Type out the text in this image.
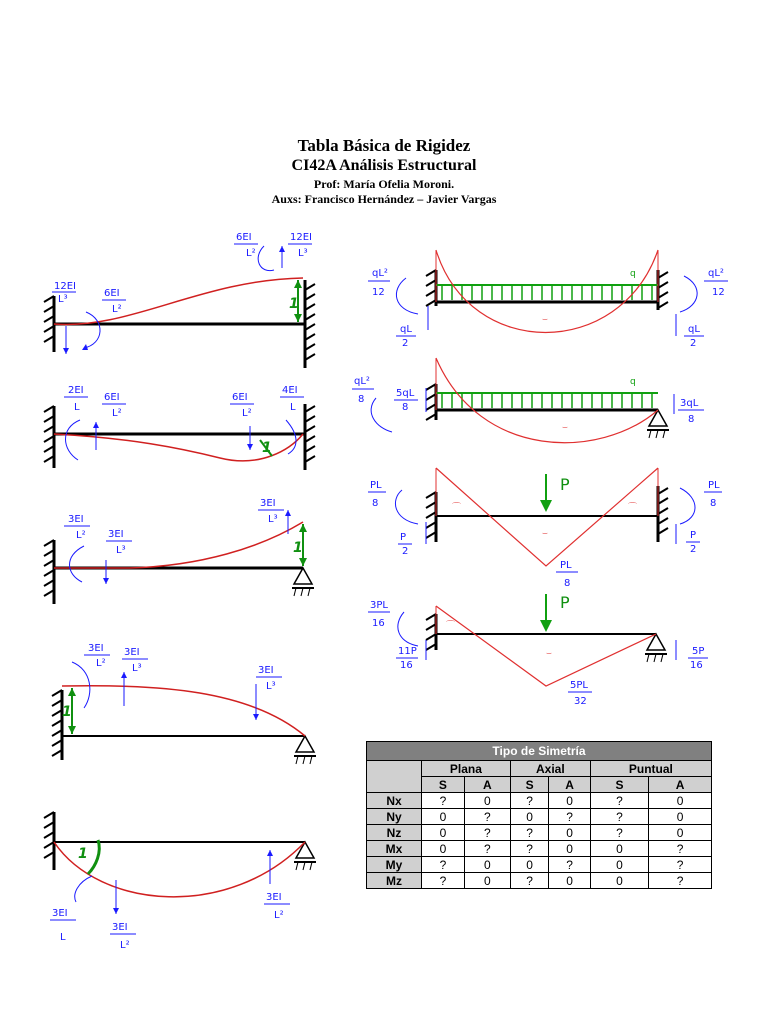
Tabla Básica de Rigidez
CI42A Análisis Estructural
Prof: María Ofelia Moroni.
Auxs: Francisco Hernández – Javier Vargas
1
12EI
L³
6EI
L²
6EI
L²
12EI
L³
2EI
L
6EI
L²
6EI
L²
4EI
L
1
1
3EI
L² 3EI
L³
3EI
L³
1
3EI
L²
3EI
L³	3EI
L³
1
3EI
L
3EI
L²
3EI
L²
q
qL²
12
qL
2
qL²
12
qL
2
⌣
q
qL²
8
5qL
8	3qL
8
⌣
P
PL
8
P
2
PL
8
P
2
PL
8
⌒	⌒
⌣
P
3PL
16
11P
16
5P
16
5PL
32
⌒
⌣
Tipo de Simetría						
	Plana		Axial		Puntual	
	S	A	S	A	S	A
Nx	?	0	?	0	?	0
Ny	0	?	0	?	?	0
Nz	0	?	?	0	?	0
Mx	0	?	?	0	0	?
My	?	0	0	?	0	?
Mz	?	0	?	0	0	?
